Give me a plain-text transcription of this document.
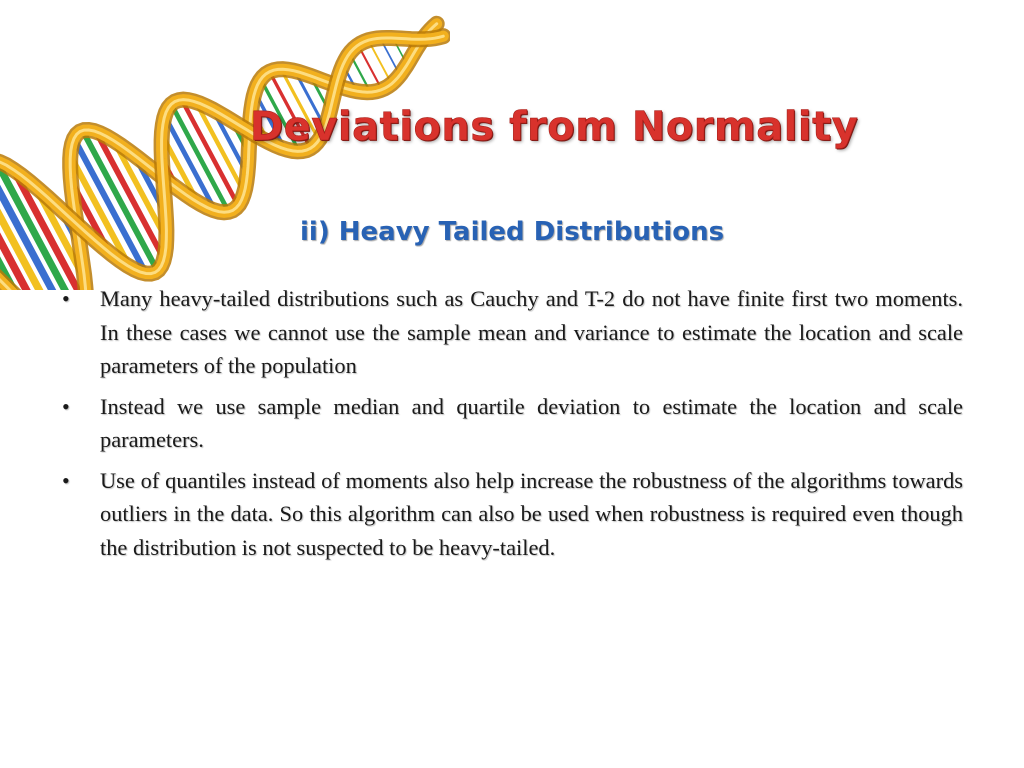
Deviations from Normality
ii) Heavy Tailed Distributions
• Many heavy-tailed distributions such as Cauchy and T-2 do not have finite first two moments. In these cases we cannot use the sample mean and variance to estimate the location and scale parameters of the population
• Instead we use sample median and quartile deviation to estimate the location and scale parameters.
• Use of quantiles instead of moments also help increase the robustness of the algorithms towards outliers in the data. So this algorithm can also be used when robustness is required even though the distribution is not suspected to be heavy-tailed.
